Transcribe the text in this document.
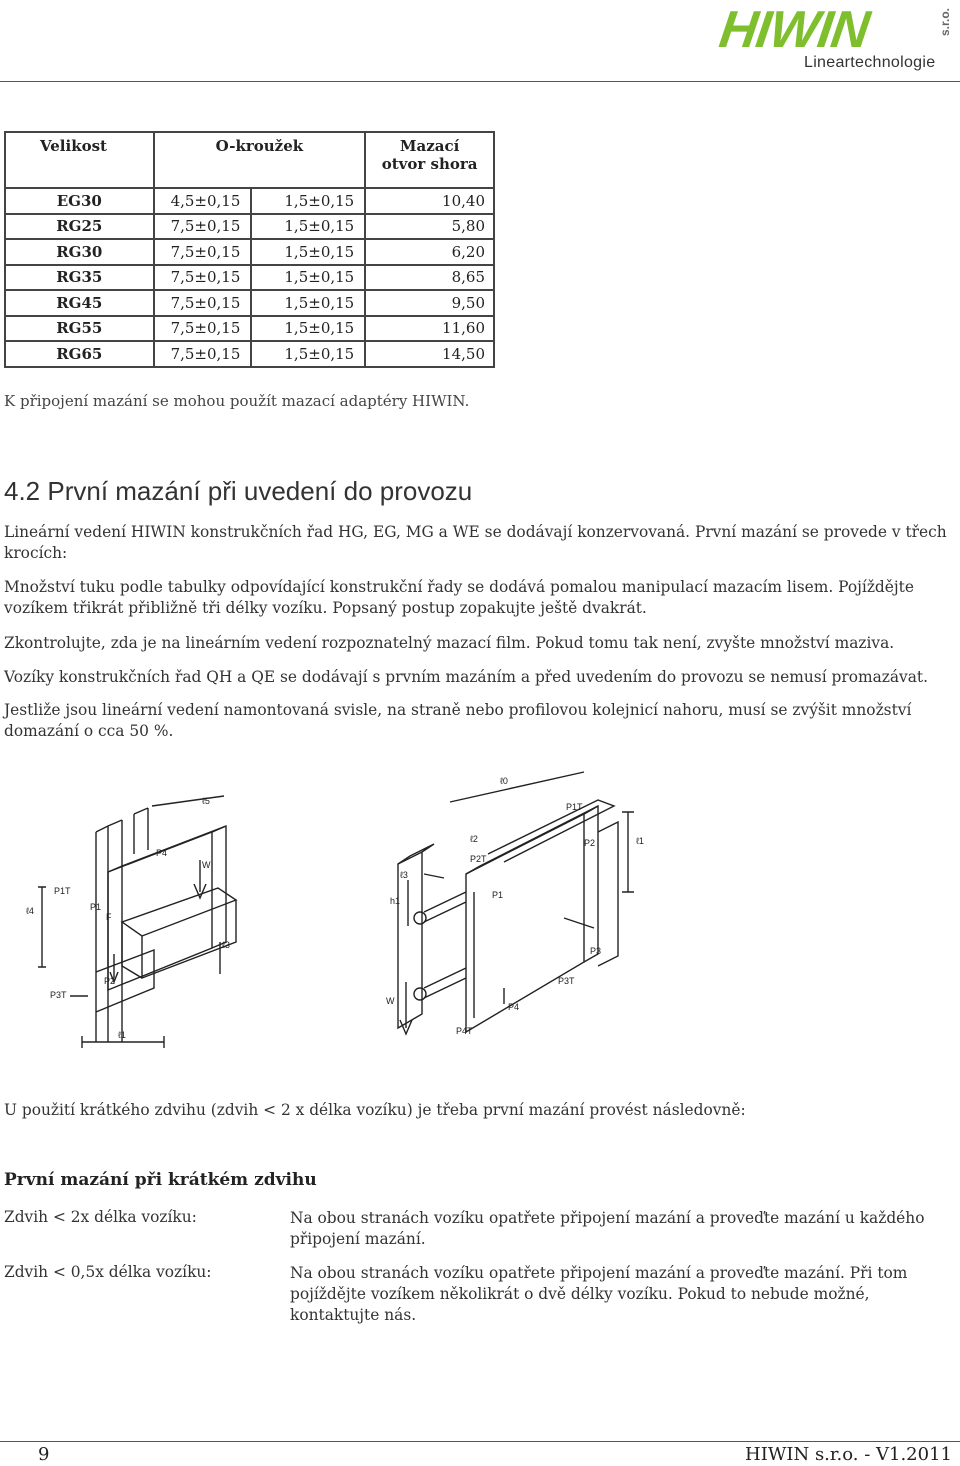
HIWIN	s.r.o.
Lineartechnologie
Velikost	O-kroužek		Mazací otvor shora
EG30	4,5±0,15	1,5±0,15	10,40
RG25	7,5±0,15	1,5±0,15	5,80
RG30	7,5±0,15	1,5±0,15	6,20
RG35	7,5±0,15	1,5±0,15	8,65
RG45	7,5±0,15	1,5±0,15	9,50
RG55	7,5±0,15	1,5±0,15	11,60
RG65	7,5±0,15	1,5±0,15	14,50
K připojení mazání se mohou použít mazací adaptéry HIWIN.
4.2 První mazání při uvedení do provozu
Lineární vedení HIWIN konstrukčních řad HG, EG, MG a WE se dodávají konzervovaná. První mazání se provede v třech krocích:
Množství tuku podle tabulky odpovídající konstrukční řady se dodává pomalou manipulací mazacím lisem. Pojíždějte vozíkem třikrát přibližně tři délky vozíku. Popsaný postup zopakujte ještě dvakrát.
Zkontrolujte, zda je na lineárním vedení rozpoznatelný mazací film. Pokud tomu tak není, zvyšte množství maziva.
Vozíky konstrukčních řad QH a QE se dodávají s prvním mazáním a před uvedením do provozu se nemusí promazávat.
Jestliže jsou lineární vedení namontovaná svisle, na straně nebo profilovou kolejnicí nahoru, musí se zvýšit množství domazání o cca 50 %.
ℓ5
P4
W
P1T
P1
F
ℓ4
P2
ℓ3
P3T
ℓ1
ℓ0
P1T
ℓ2
P2T
ℓ1
P2
ℓ3
h1
P1
P3
W
P3T
P4
P4T
U použití krátkého zdvihu (zdvih < 2 x délka vozíku) je třeba první mazání provést následovně:
První mazání při krátkém zdvihu
Zdvih < 2x délka vozíku:	Na obou stranách vozíku opatřete připojení mazání a proveďte mazání u každého připojení mazání.
Zdvih < 0,5x délka vozíku:	Na obou stranách vozíku opatřete připojení mazání a proveďte mazání. Při tom pojíždějte vozíkem několikrát o dvě délky vozíku. Pokud to nebude možné, kontaktujte nás.
9	HIWIN s.r.o. - V1.2011
